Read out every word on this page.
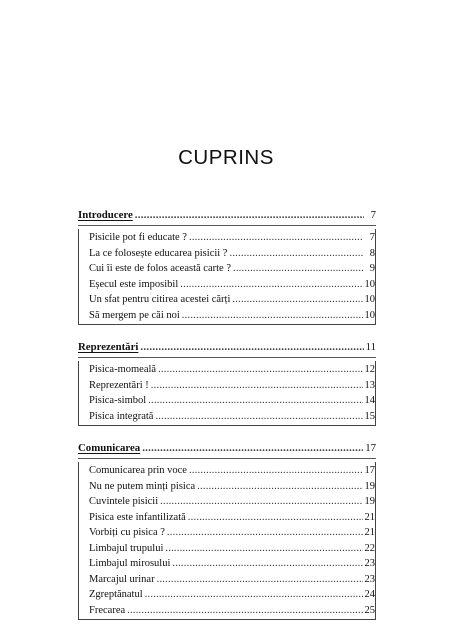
CUPRINS
Introducere . . .	7
Pisicile pot fi educate ? . . .	7
La ce folosește educarea pisicii ? . . .	8
Cui îi este de folos această carte ? . . .	9
Eșecul este imposibil . . .	10
Un sfat pentru citirea acestei cărți . . .	10
Să mergem pe căi noi . . .	10
Reprezentări . . .	11
Pisica-momeală . . .	12
Reprezentări ! . . .	13
Pisica-simbol . . .	14
Pisica integrată . . .	15
Comunicarea . . .	17
Comunicarea prin voce . . .	17
Nu ne putem minți pisica . . .	19
Cuvintele pisicii . . .	19
Pisica este infantilizată . . .	21
Vorbiți cu pisica ? . . .	21
Limbajul trupului . . .	22
Limbajul mirosului . . .	23
Marcajul urinar . . .	23
Zgreptănatul . . .	24
Frecarea . . .	25
